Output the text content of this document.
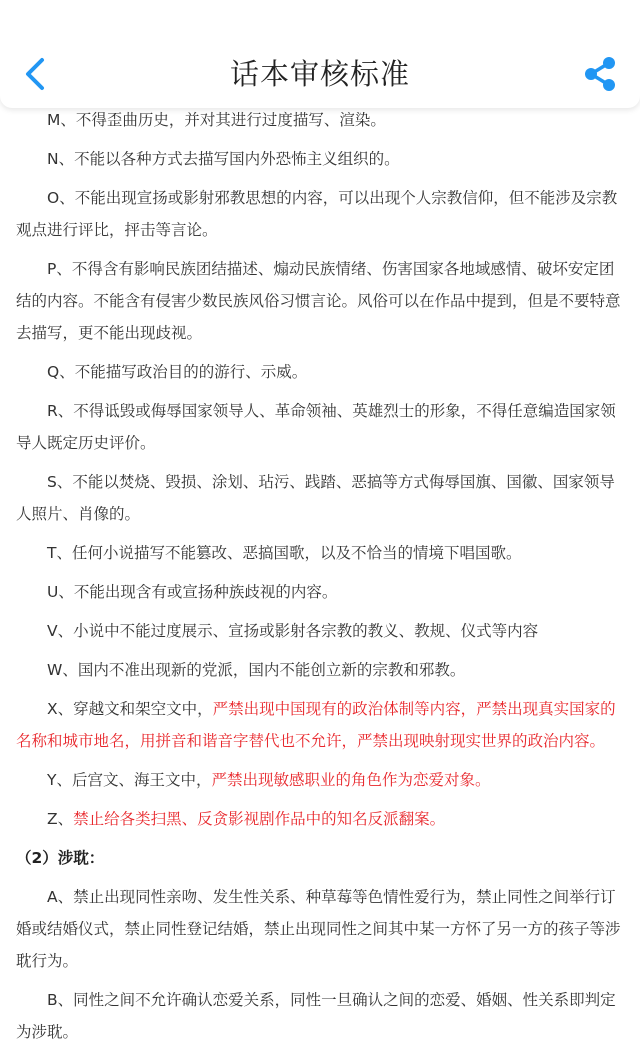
话本审核标准

M、不得歪曲历史，并对其进行过度描写、渲染。

N、不能以各种方式去描写国内外恐怖主义组织的。

O、不能出现宣扬或影射邪教思想的内容，可以出现个人宗教信仰，但不能涉及宗教观点进行评比，抨击等言论。

P、不得含有影响民族团结描述、煽动民族情绪、伤害国家各地域感情、破坏安定团结的内容。不能含有侵害少数民族风俗习惯言论。风俗可以在作品中提到，但是不要特意去描写，更不能出现歧视。

Q、不能描写政治目的的游行、示威。

R、不得诋毁或侮辱国家领导人、革命领袖、英雄烈士的形象，不得任意编造国家领导人既定历史评价。

S、不能以焚烧、毁损、涂划、玷污、践踏、恶搞等方式侮辱国旗、国徽、国家领导人照片、肖像的。

T、任何小说描写不能篡改、恶搞国歌，以及不恰当的情境下唱国歌。

U、不能出现含有或宣扬种族歧视的内容。

V、小说中不能过度展示、宣扬或影射各宗教的教义、教规、仪式等内容

W、国内不准出现新的党派，国内不能创立新的宗教和邪教。

X、穿越文和架空文中，严禁出现中国现有的政治体制等内容，严禁出现真实国家的名称和城市地名，用拼音和谐音字替代也不允许，严禁出现映射现实世界的政治内容。

Y、后宫文、海王文中，严禁出现敏感职业的角色作为恋爱对象。

Z、禁止给各类扫黑、反贪影视剧作品中的知名反派翻案。

（2）涉耽：

A、禁止出现同性亲吻、发生性关系、种草莓等色情性爱行为，禁止同性之间举行订婚或结婚仪式，禁止同性登记结婚，禁止出现同性之间其中某一方怀了另一方的孩子等涉耽行为。

B、同性之间不允许确认恋爱关系，同性一旦确认之间的恋爱、婚姻、性关系即判定为涉耽。
